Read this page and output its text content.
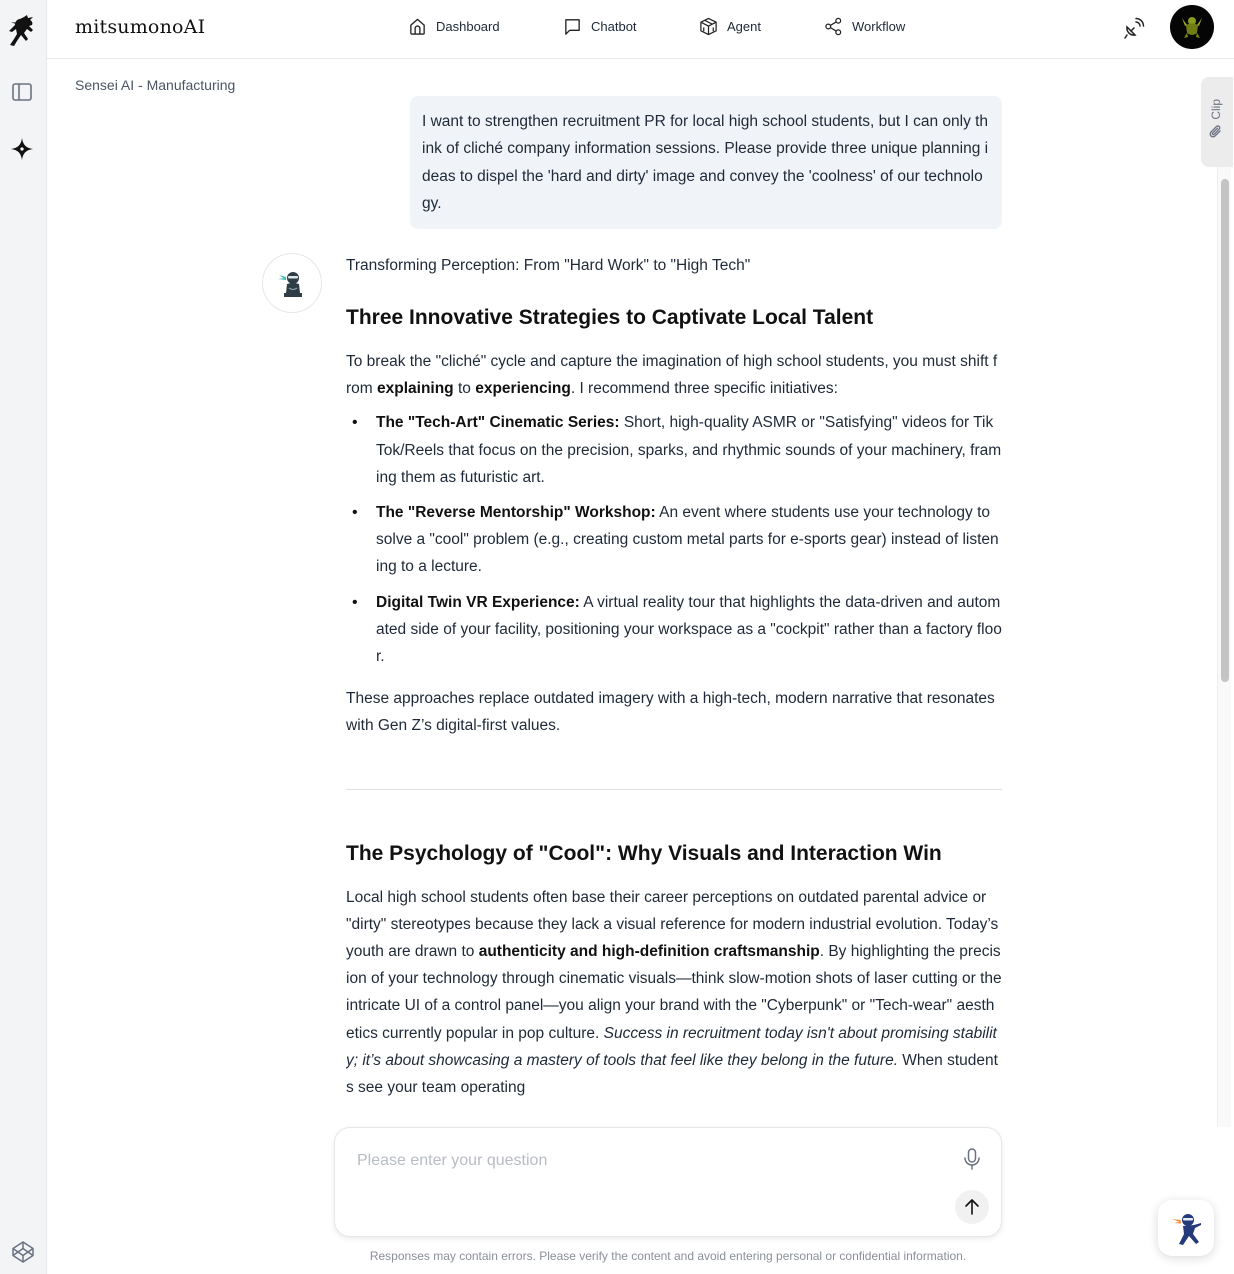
mitsumonoAI	Dashboard	Chatbot	Agent	Workflow
Sensei AI - Manufacturing
Clip
I want to strengthen recruitment PR for local high school students, but I can only think of cliché company information sessions. Please provide three unique planning ideas to dispel the 'hard and dirty' image and convey the 'coolness' of our technology.
Transforming Perception: From "Hard Work" to "High Tech"
Three Innovative Strategies to Captivate Local Talent

To break the "cliché" cycle and capture the imagination of high school students, you must shift from explaining to experiencing. I recommend three specific initiatives:

• The "Tech-Art" Cinematic Series: Short, high-quality ASMR or "Satisfying" videos for TikTok/Reels that focus on the precision, sparks, and rhythmic sounds of your machinery, framing them as futuristic art.
• The "Reverse Mentorship" Workshop: An event where students use your technology to solve a "cool" problem (e.g., creating custom metal parts for e-sports gear) instead of listening to a lecture.
• Digital Twin VR Experience: A virtual reality tour that highlights the data-driven and automated side of your facility, positioning your workspace as a "cockpit" rather than a factory floor.

These approaches replace outdated imagery with a high-tech, modern narrative that resonates with Gen Z’s digital-first values.

The Psychology of "Cool": Why Visuals and Interaction Win

Local high school students often base their career perceptions on outdated parental advice or "dirty" stereotypes because they lack a visual reference for modern industrial evolution. Today’s youth are drawn to authenticity and high-definition craftsmanship. By highlighting the precision of your technology through cinematic visuals—think slow-motion shots of laser cutting or the intricate UI of a control panel—you align your brand with the "Cyberpunk" or "Tech-wear" aesthetics currently popular in pop culture. Success in recruitment today isn't about promising stability; it’s about showcasing a mastery of tools that feel like they belong in the future. When students see your team operating

Please enter your question
Responses may contain errors. Please verify the content and avoid entering personal or confidential information.
